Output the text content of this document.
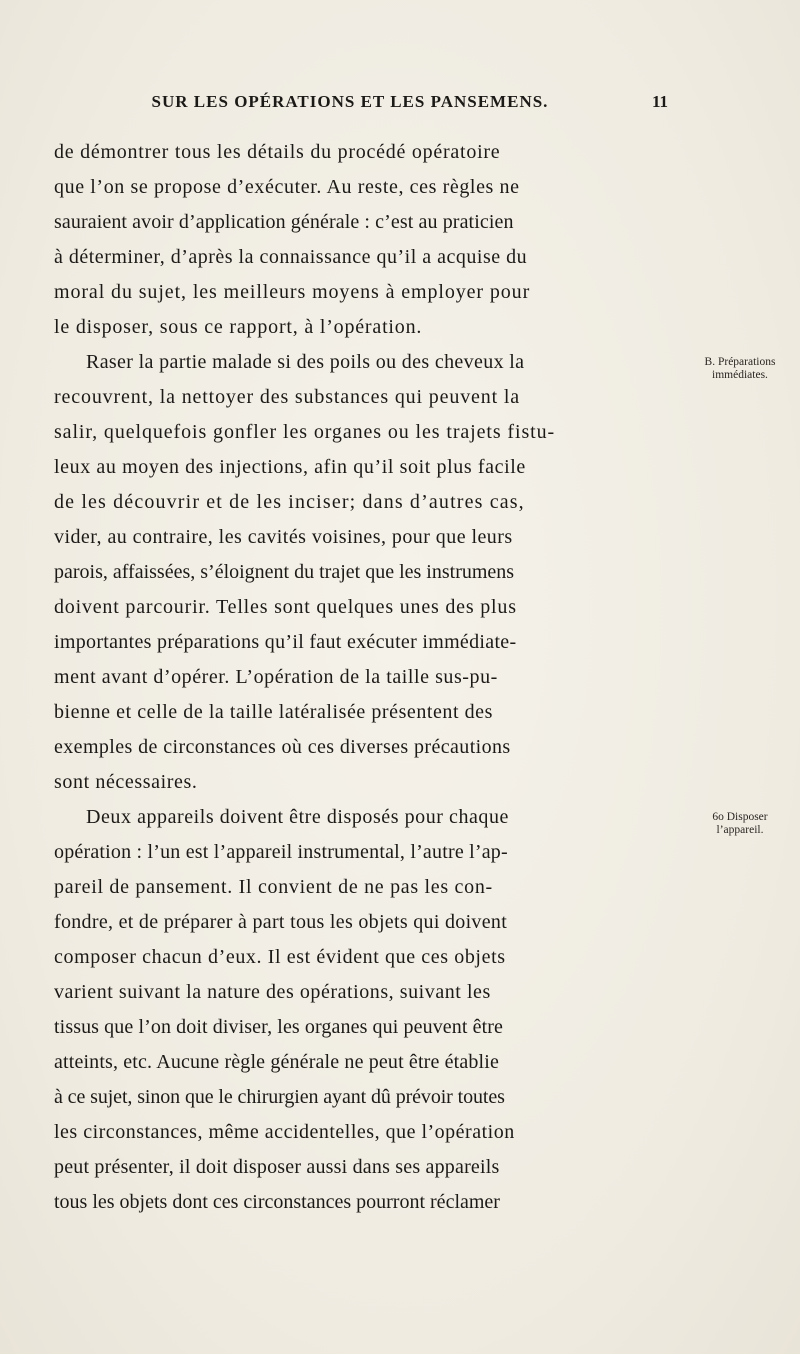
SUR LES OPÉRATIONS ET LES PANSEMENS.	11
de démontrer tous les détails du procédé opératoire
que l’on se propose d’exécuter. Au reste, ces règles ne
sauraient avoir d’application générale : c’est au praticien
à déterminer, d’après la connaissance qu’il a acquise du
moral du sujet, les meilleurs moyens à employer pour
le disposer, sous ce rapport, à l’opération.
Raser la partie malade si des poils ou des cheveux la
recouvrent, la nettoyer des substances qui peuvent la
salir, quelquefois gonfler les organes ou les trajets fistu-
leux au moyen des injections, afin qu’il soit plus facile
de les découvrir et de les inciser; dans d’autres cas,
vider, au contraire, les cavités voisines, pour que leurs
parois, affaissées, s’éloignent du trajet que les instrumens
doivent parcourir. Telles sont quelques unes des plus
importantes préparations qu’il faut exécuter immédiate-
ment avant d’opérer. L’opération de la taille sus-pu-
bienne et celle de la taille latéralisée présentent des
exemples de circonstances où ces diverses précautions
sont nécessaires.
Deux appareils doivent être disposés pour chaque
opération : l’un est l’appareil instrumental, l’autre l’ap-
pareil de pansement. Il convient de ne pas les con-
fondre, et de préparer à part tous les objets qui doivent
composer chacun d’eux. Il est évident que ces objets
varient suivant la nature des opérations, suivant les
tissus que l’on doit diviser, les organes qui peuvent être
atteints, etc. Aucune règle générale ne peut être établie
à ce sujet, sinon que le chirurgien ayant dû prévoir toutes
les circonstances, même accidentelles, que l’opération
peut présenter, il doit disposer aussi dans ses appareils
tous les objets dont ces circonstances pourront réclamer
B. Préparations
immédiates.
6o Disposer
l’appareil.
